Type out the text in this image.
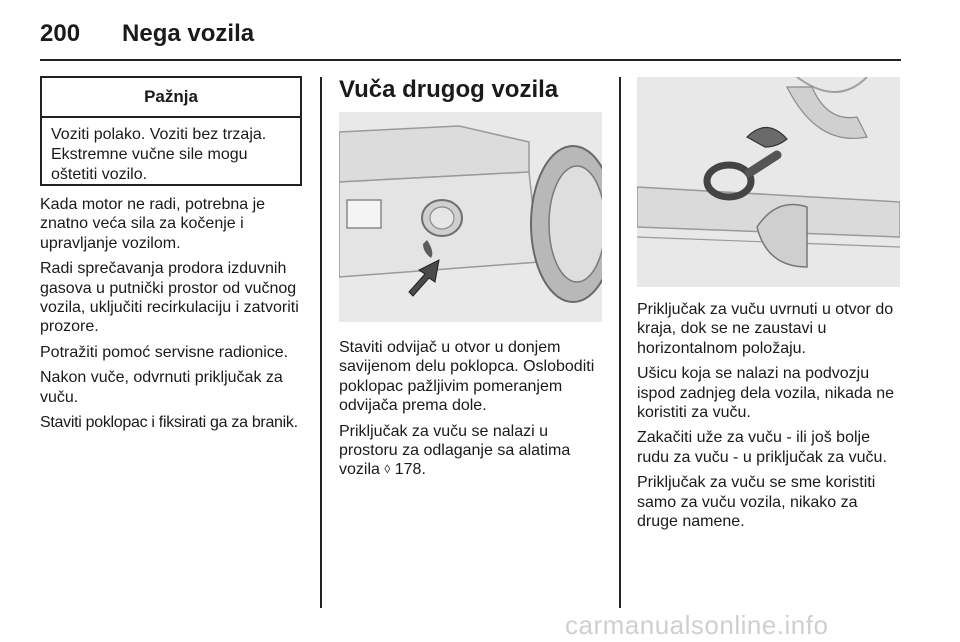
200 Nega vozila
Pažnja

Voziti polako. Voziti bez trzaja.

Ekstremne vučne sile mogu

oštetiti vozilo.

Kada motor ne radi, potrebna je znatno veća sila za kočenje i upravljanje vozilom.

Radi sprečavanja prodora izduvnih gasova u putnički prostor od vučnog vozila, uključiti recirkulaciju i zatvoriti prozore.

Potražiti pomoć servisne radionice.

Nakon vuče, odvrnuti priključak za vuču.

Staviti poklopac i fiksirati ga za branik.

Vuča drugog vozila

Staviti odvijač u otvor u donjem savijenom delu poklopca. Osloboditi poklopac pažljivim pomeranjem odvijača prema dole.

Priključak za vuču se nalazi u prostoru za odlaganje sa alatima

vozila ◊ 178.

Priključak za vuču uvrnuti u otvor do kraja, dok se ne zaustavi u horizontalnom položaju.

Ušicu koja se nalazi na podvozju ispod zadnjeg dela vozila, nikada ne koristiti za vuču.

Zakačiti uže za vuču - ili još bolje rudu za vuču - u priključak za vuču.

Priključak za vuču se sme koristiti samo za vuču vozila, nikako za druge namene.

carmanualsonline.info
